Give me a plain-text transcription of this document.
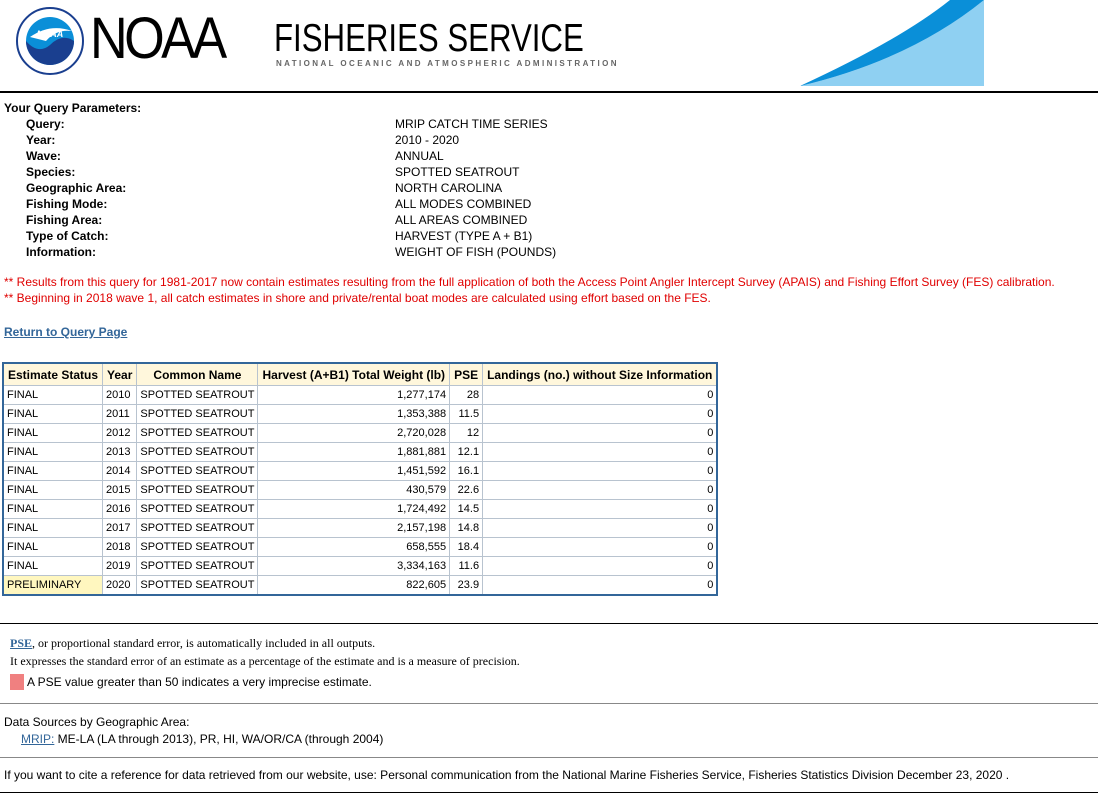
NOAA NOAA FISHERIES SERVICE
NATIONAL OCEANIC AND ATMOSPHERIC ADMINISTRATION
Your Query Parameters:
Query:	MRIP CATCH TIME SERIES
Year:	2010 - 2020
Wave:	ANNUAL
Species:	SPOTTED SEATROUT
Geographic Area:	NORTH CAROLINA
Fishing Mode:	ALL MODES COMBINED
Fishing Area:	ALL AREAS COMBINED
Type of Catch:	HARVEST (TYPE A + B1)
Information:	WEIGHT OF FISH (POUNDS)
** Results from this query for 1981-2017 now contain estimates resulting from the full application of both the Access Point Angler Intercept Survey (APAIS) and Fishing Effort Survey (FES) calibration.
** Beginning in 2018 wave 1, all catch estimates in shore and private/rental boat modes are calculated using effort based on the FES.
Return to Query Page
Estimate Status	Year	Common Name	Harvest (A+B1) Total Weight (lb)	PSE	Landings (no.) without Size Information
FINAL	2010	SPOTTED SEATROUT	1,277,174	28	0
FINAL	2011	SPOTTED SEATROUT	1,353,388	11.5	0
FINAL	2012	SPOTTED SEATROUT	2,720,028	12	0
FINAL	2013	SPOTTED SEATROUT	1,881,881	12.1	0
FINAL	2014	SPOTTED SEATROUT	1,451,592	16.1	0
FINAL	2015	SPOTTED SEATROUT	430,579	22.6	0
FINAL	2016	SPOTTED SEATROUT	1,724,492	14.5	0
FINAL	2017	SPOTTED SEATROUT	2,157,198	14.8	0
FINAL	2018	SPOTTED SEATROUT	658,555	18.4	0
FINAL	2019	SPOTTED SEATROUT	3,334,163	11.6	0
PRELIMINARY	2020	SPOTTED SEATROUT	822,605	23.9	0
PSE, or proportional standard error, is automatically included in all outputs.
It expresses the standard error of an estimate as a percentage of the estimate and is a measure of precision.
A PSE value greater than 50 indicates a very imprecise estimate.
Data Sources by Geographic Area:
MRIP: ME-LA (LA through 2013), PR, HI, WA/OR/CA (through 2004)
If you want to cite a reference for data retrieved from our website, use: Personal communication from the National Marine Fisheries Service, Fisheries Statistics Division December 23, 2020 .
